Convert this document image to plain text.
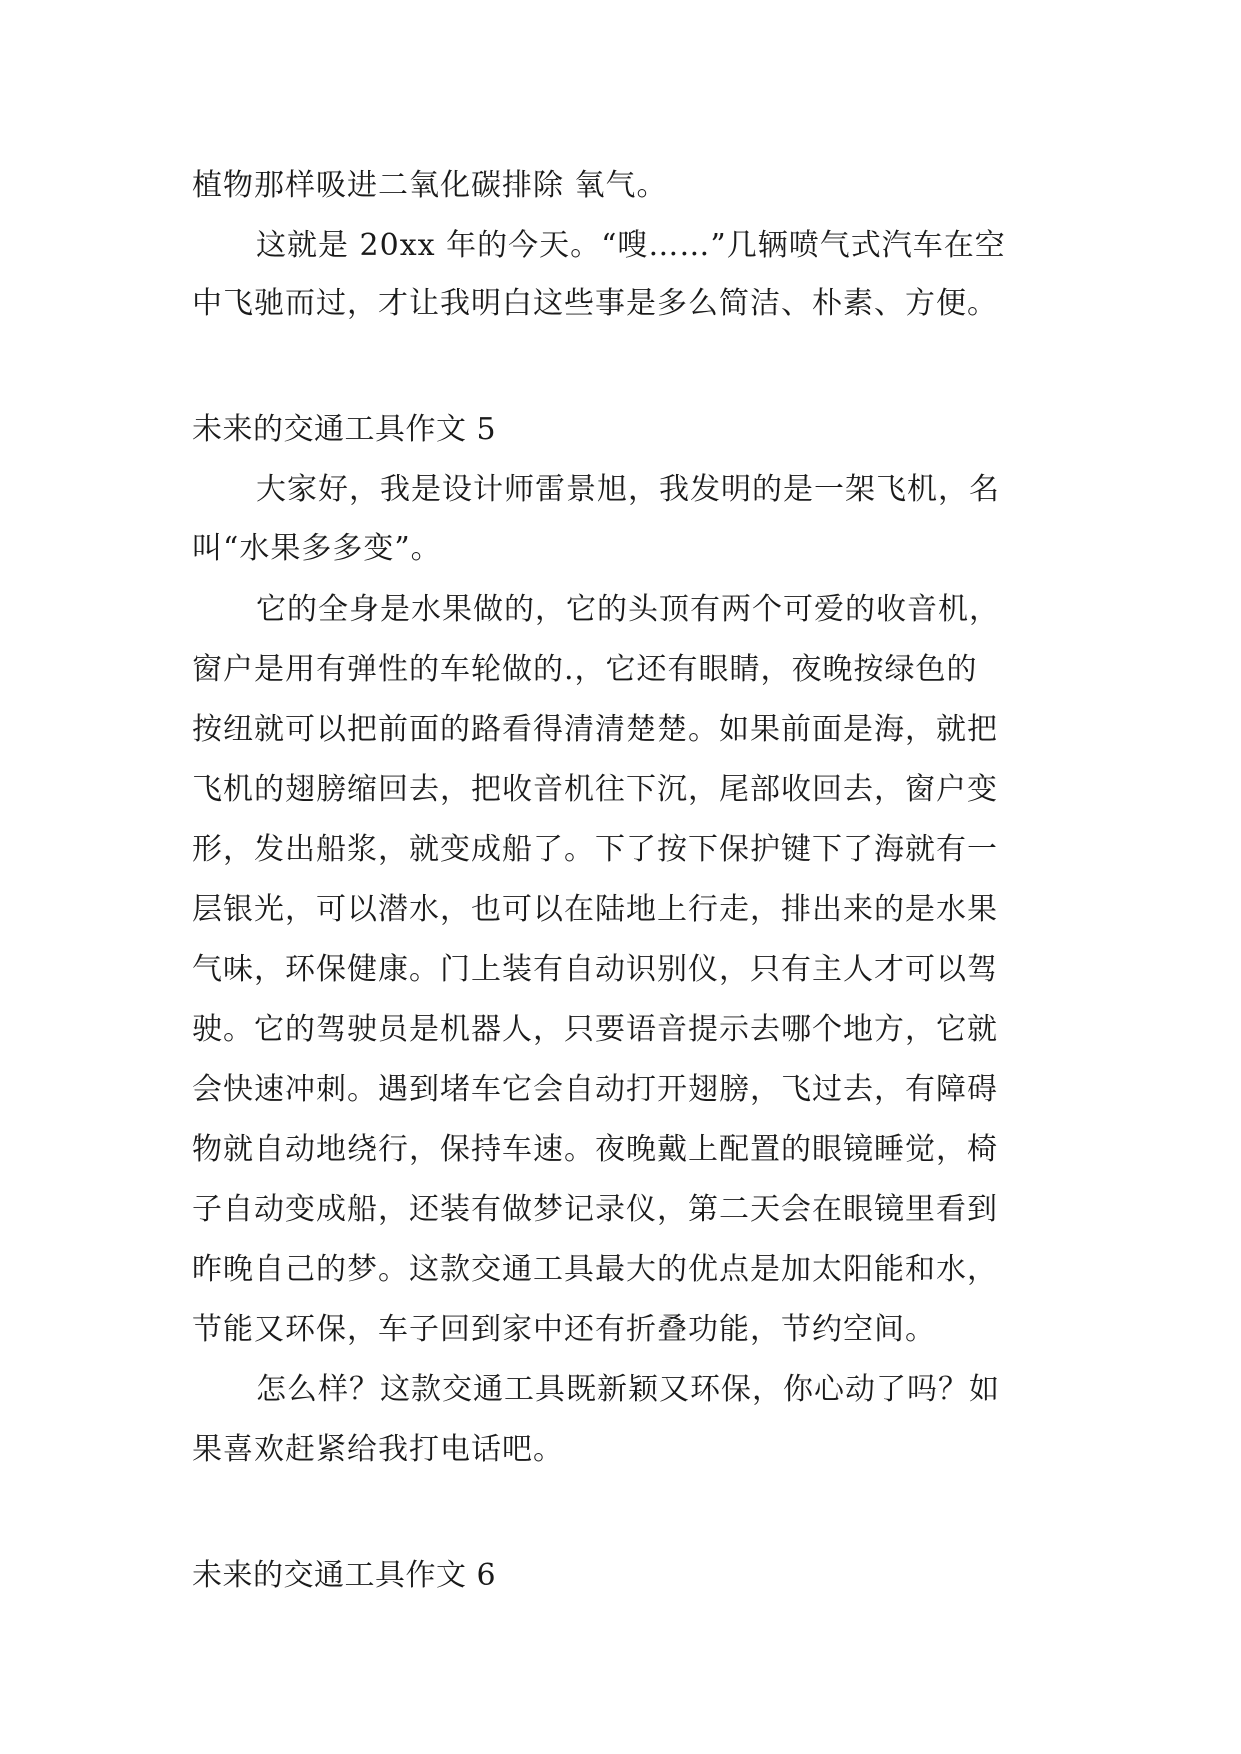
植物那样吸进二氧化碳排除 氧气。
这就是 20xx 年的今天。“嗖……”几辆喷气式汽车在空
中飞驰而过，才让我明白这些事是多么简洁、朴素、方便。
未来的交通工具作文 5
大家好，我是设计师雷景旭，我发明的是一架飞机，名
叫“水果多多变”。
它的全身是水果做的，它的头顶有两个可爱的收音机，
窗户是用有弹性的车轮做的.，它还有眼睛，夜晚按绿色的
按纽就可以把前面的路看得清清楚楚。如果前面是海，就把
飞机的翅膀缩回去，把收音机往下沉，尾部收回去，窗户变
形，发出船浆，就变成船了。下了按下保护键下了海就有一
层银光，可以潜水，也可以在陆地上行走，排出来的是水果
气味，环保健康。门上装有自动识别仪，只有主人才可以驾
驶。它的驾驶员是机器人，只要语音提示去哪个地方，它就
会快速冲刺。遇到堵车它会自动打开翅膀，飞过去，有障碍
物就自动地绕行，保持车速。夜晚戴上配置的眼镜睡觉，椅
子自动变成船，还装有做梦记录仪，第二天会在眼镜里看到
昨晚自己的梦。这款交通工具最大的优点是加太阳能和水，
节能又环保，车子回到家中还有折叠功能，节约空间。
怎么样？这款交通工具既新颖又环保，你心动了吗？如
果喜欢赶紧给我打电话吧。
未来的交通工具作文 6
